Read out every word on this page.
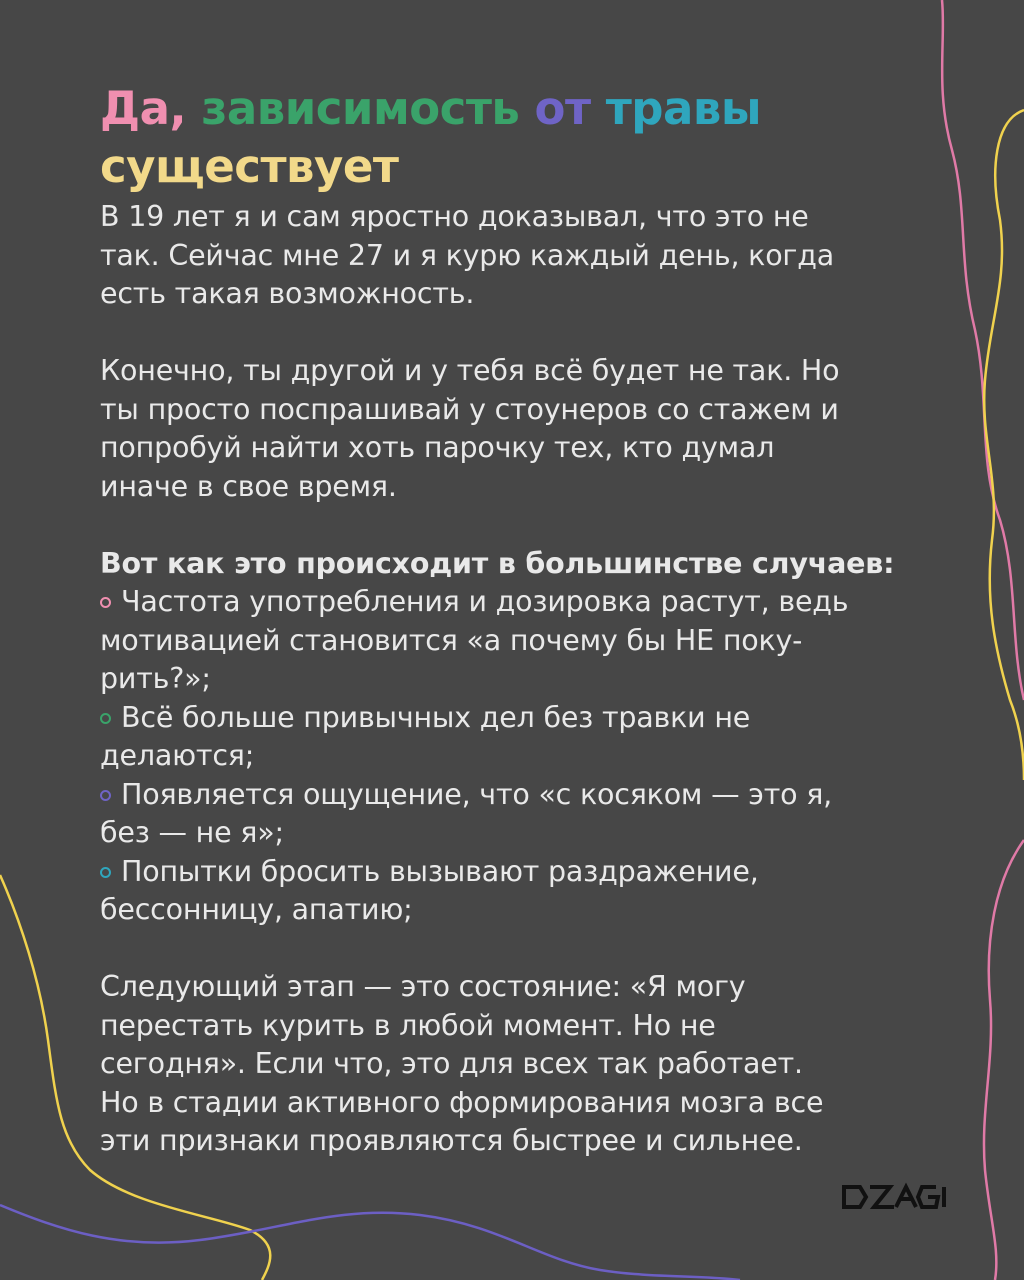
Да, зависимость от травы
существует

В 19 лет я и сам яростно доказывал, что это не
так. Сейчас мне 27 и я курю каждый день, когда
есть такая возможность.

Конечно, ты другой и у тебя всё будет не так. Но
ты просто поспрашивай у стоунеров со стажем и
попробуй найти хоть парочку тех, кто думал
иначе в свое время.

Вот как это происходит в большинстве случаев:

Частота употребления и дозировка растут, ведь
мотивацией становится «а почему бы НЕ поку-
рить?»;

Всё больше привычных дел без травки не
делаются;

Появляется ощущение, что «с косяком — это я,
без — не я»;

Попытки бросить вызывают раздражение,
бессонницу, апатию;

Следующий этап — это состояние: «Я могу
перестать курить в любой момент. Но не
сегодня». Если что, это для всех так работает.
Но в стадии активного формирования мозга все
эти признаки проявляются быстрее и сильнее.
